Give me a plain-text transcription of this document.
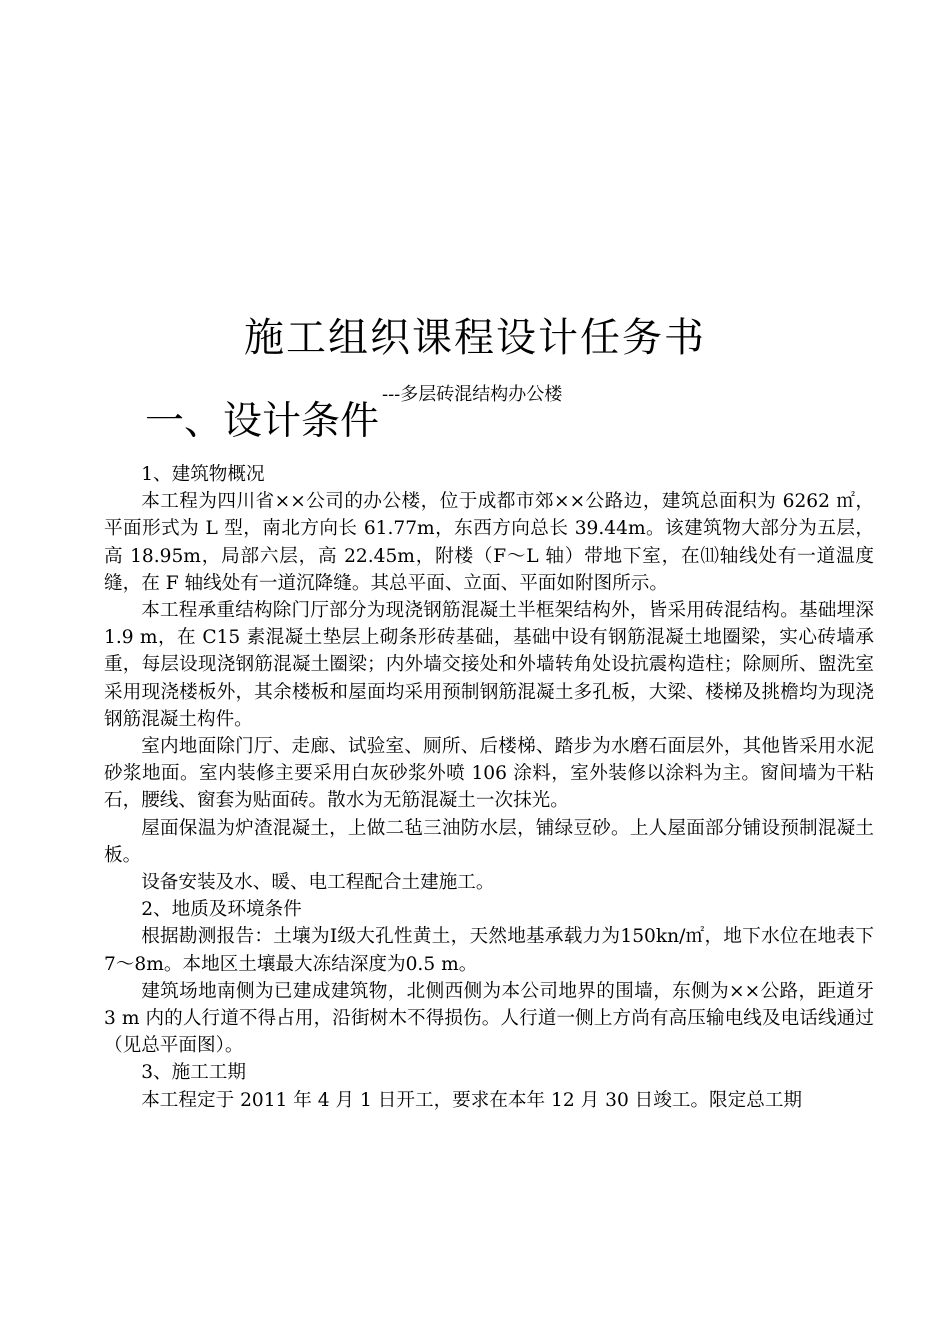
施工组织课程设计任务书
---多层砖混结构办公楼
一、设计条件

1、建筑物概况

本工程为四川省××公司的办公楼，位于成都市郊××公路边，建筑总面积为 6262 ㎡，平面形式为 L 型，南北方向长 61.77m，东西方向总长 39.44m。该建筑物大部分为五层，高 18.95m，局部六层，高 22.45m，附楼（F～L 轴）带地下室，在⑾轴线处有一道温度缝，在 F 轴线处有一道沉降缝。其总平面、立面、平面如附图所示。

本工程承重结构除门厅部分为现浇钢筋混凝土半框架结构外，皆采用砖混结构。基础埋深 1.9 m，在 C15 素混凝土垫层上砌条形砖基础，基础中设有钢筋混凝土地圈梁，实心砖墙承重，每层设现浇钢筋混凝土圈梁；内外墙交接处和外墙转角处设抗震构造柱；除厕所、盥洗室采用现浇楼板外，其余楼板和屋面均采用预制钢筋混凝土多孔板，大梁、楼梯及挑檐均为现浇钢筋混凝土构件。

室内地面除门厅、走廊、试验室、厕所、后楼梯、踏步为水磨石面层外，其他皆采用水泥砂浆地面。室内装修主要采用白灰砂浆外喷 106 涂料，室外装修以涂料为主。窗间墙为干粘石，腰线、窗套为贴面砖。散水为无筋混凝土一次抹光。

屋面保温为炉渣混凝土，上做二毡三油防水层，铺绿豆砂。上人屋面部分铺设预制混凝土板。

设备安装及水、暖、电工程配合土建施工。

2、地质及环境条件

根据勘测报告：土壤为Ⅰ级大孔性黄土，天然地基承载力为150kn/㎡，地下水位在地表下7～8m。本地区土壤最大冻结深度为0.5 m。

建筑场地南侧为已建成建筑物，北侧西侧为本公司地界的围墙，东侧为××公路，距道牙 3 m 内的人行道不得占用，沿街树木不得损伤。人行道一侧上方尚有高压输电线及电话线通过（见总平面图）。

3、施工工期

本工程定于 2011 年 4 月 1 日开工，要求在本年 12 月 30 日竣工。限定总工期
